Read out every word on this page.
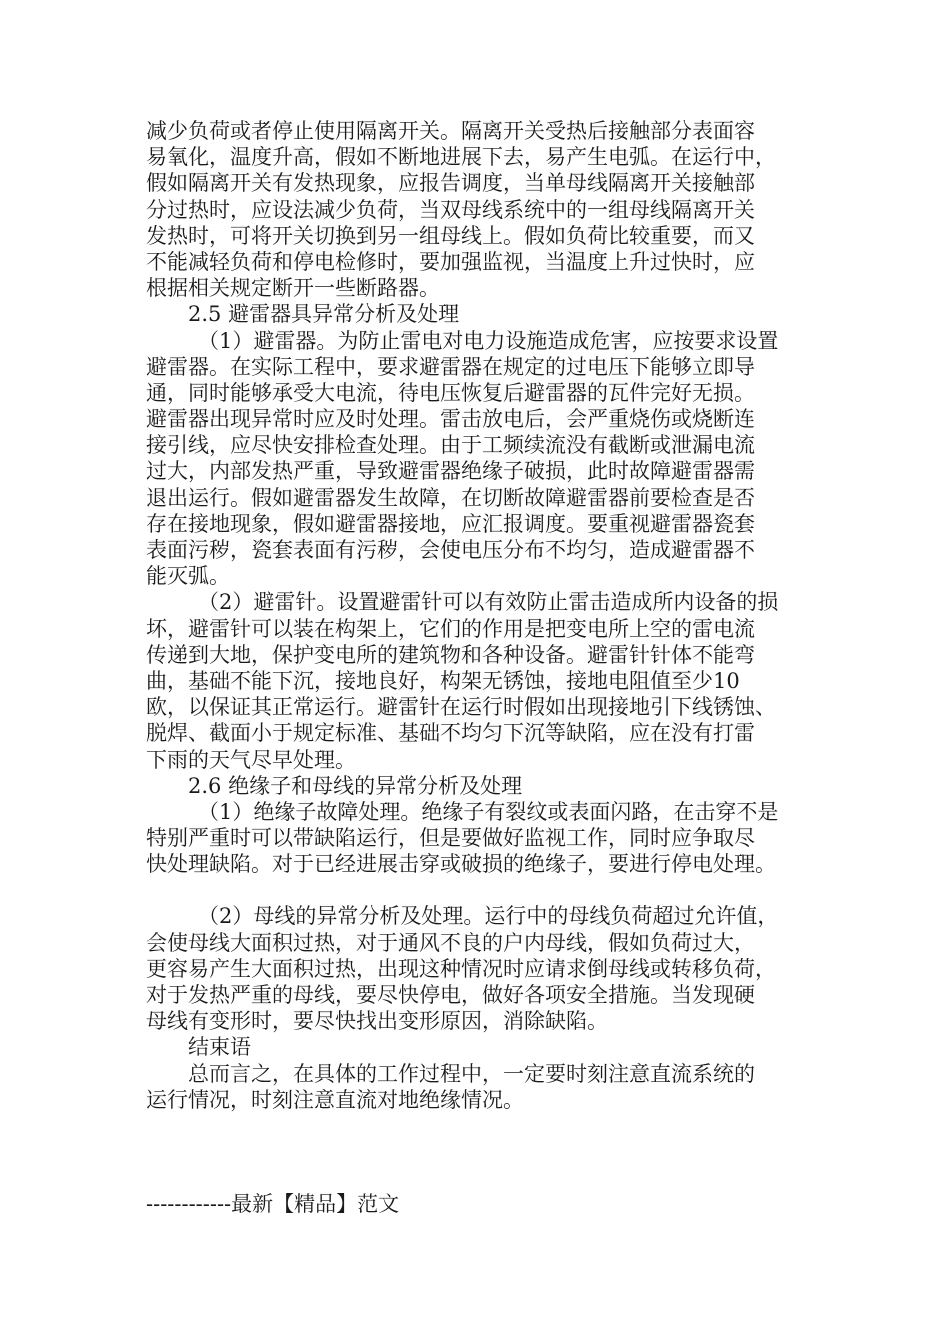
减少负荷或者停止使用隔离开关。隔离开关受热后接触部分表面容
易氧化，温度升高，假如不断地进展下去，易产生电弧。在运行中，
假如隔离开关有发热现象，应报告调度，当单母线隔离开关接触部
分过热时，应设法减少负荷，当双母线系统中的一组母线隔离开关
发热时，可将开关切换到另一组母线上。假如负荷比较重要，而又
不能减轻负荷和停电检修时，要加强监视，当温度上升过快时，应
根据相关规定断开一些断路器。
2.5 避雷器具异常分析及处理
（1）避雷器。为防止雷电对电力设施造成危害，应按要求设置
避雷器。在实际工程中，要求避雷器在规定的过电压下能够立即导
通，同时能够承受大电流，待电压恢复后避雷器的瓦件完好无损。
避雷器出现异常时应及时处理。雷击放电后，会严重烧伤或烧断连
接引线，应尽快安排检查处理。由于工频续流没有截断或泄漏电流
过大，内部发热严重，导致避雷器绝缘子破损，此时故障避雷器需
退出运行。假如避雷器发生故障，在切断故障避雷器前要检查是否
存在接地现象，假如避雷器接地，应汇报调度。要重视避雷器瓷套
表面污秽，瓷套表面有污秽，会使电压分布不均匀，造成避雷器不
能灭弧。
（2）避雷针。设置避雷针可以有效防止雷击造成所内设备的损
坏，避雷针可以装在构架上，它们的作用是把变电所上空的雷电流
传递到大地，保护变电所的建筑物和各种设备。避雷针针体不能弯
曲，基础不能下沉，接地良好，构架无锈蚀，接地电阻值至少10
欧，以保证其正常运行。避雷针在运行时假如出现接地引下线锈蚀、
脱焊、截面小于规定标准、基础不均匀下沉等缺陷，应在没有打雷
下雨的天气尽早处理。
2.6 绝缘子和母线的异常分析及处理
（1）绝缘子故障处理。绝缘子有裂纹或表面闪路，在击穿不是
特别严重时可以带缺陷运行，但是要做好监视工作，同时应争取尽
快处理缺陷。对于已经进展击穿或破损的绝缘子，要进行停电处理。
（2）母线的异常分析及处理。运行中的母线负荷超过允许值，
会使母线大面积过热，对于通风不良的户内母线，假如负荷过大，
更容易产生大面积过热，出现这种情况时应请求倒母线或转移负荷，
对于发热严重的母线，要尽快停电，做好各项安全措施。当发现硬
母线有变形时，要尽快找出变形原因，消除缺陷。
结束语
总而言之，在具体的工作过程中，一定要时刻注意直流系统的
运行情况，时刻注意直流对地绝缘情况。
------------最新【精品】范文
